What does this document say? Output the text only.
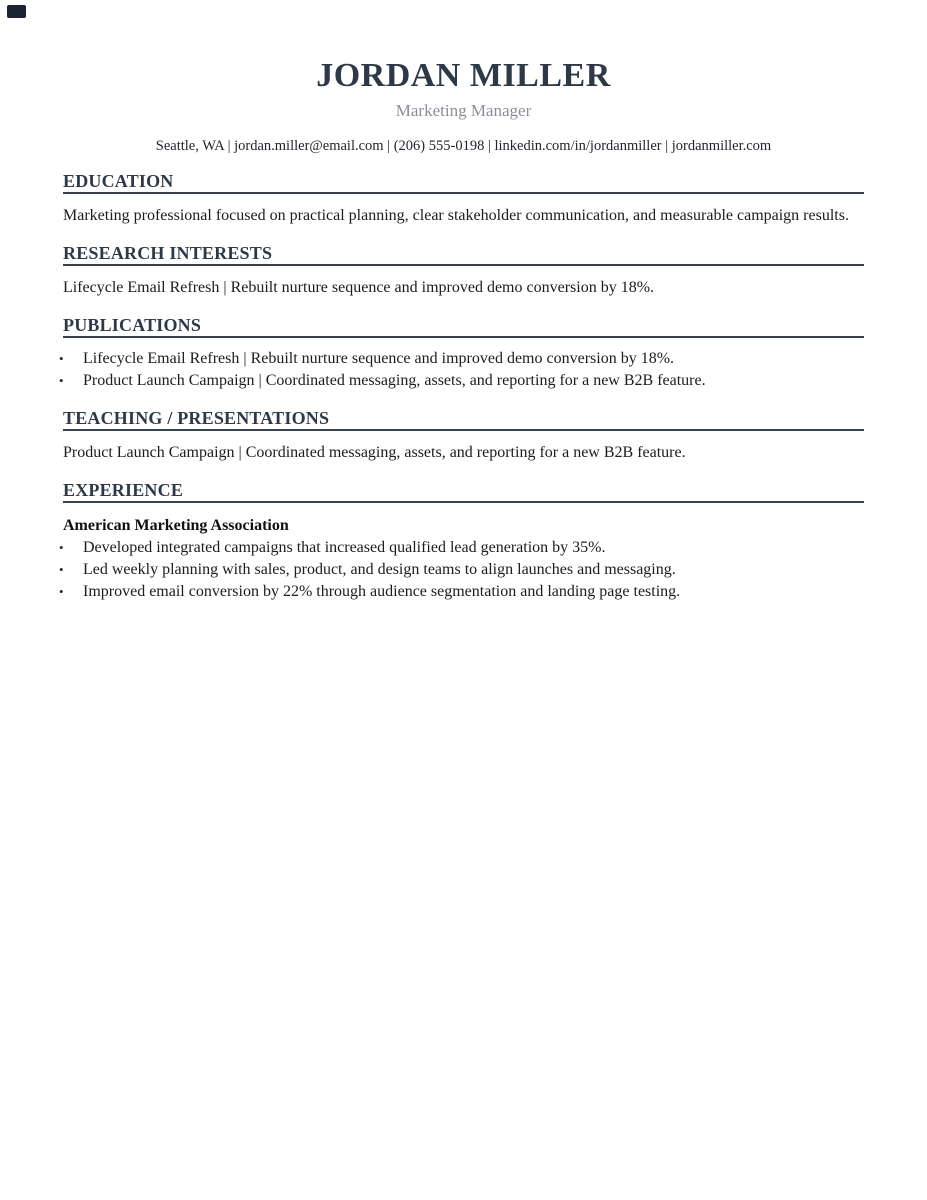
JORDAN MILLER
Marketing Manager
Seattle, WA | jordan.miller@email.com | (206) 555-0198 | linkedin.com/in/jordanmiller | jordanmiller.com
EDUCATION

Marketing professional focused on practical planning, clear stakeholder communication, and measurable campaign results.

RESEARCH INTERESTS

Lifecycle Email Refresh | Rebuilt nurture sequence and improved demo conversion by 18%.

PUBLICATIONS
•	Lifecycle Email Refresh | Rebuilt nurture sequence and improved demo conversion by 18%.
•	Product Launch Campaign | Coordinated messaging, assets, and reporting for a new B2B feature.
TEACHING / PRESENTATIONS

Product Launch Campaign | Coordinated messaging, assets, and reporting for a new B2B feature.

EXPERIENCE
American Marketing Association
•	Developed integrated campaigns that increased qualified lead generation by 35%.
•	Led weekly planning with sales, product, and design teams to align launches and messaging.
•	Improved email conversion by 22% through audience segmentation and landing page testing.
